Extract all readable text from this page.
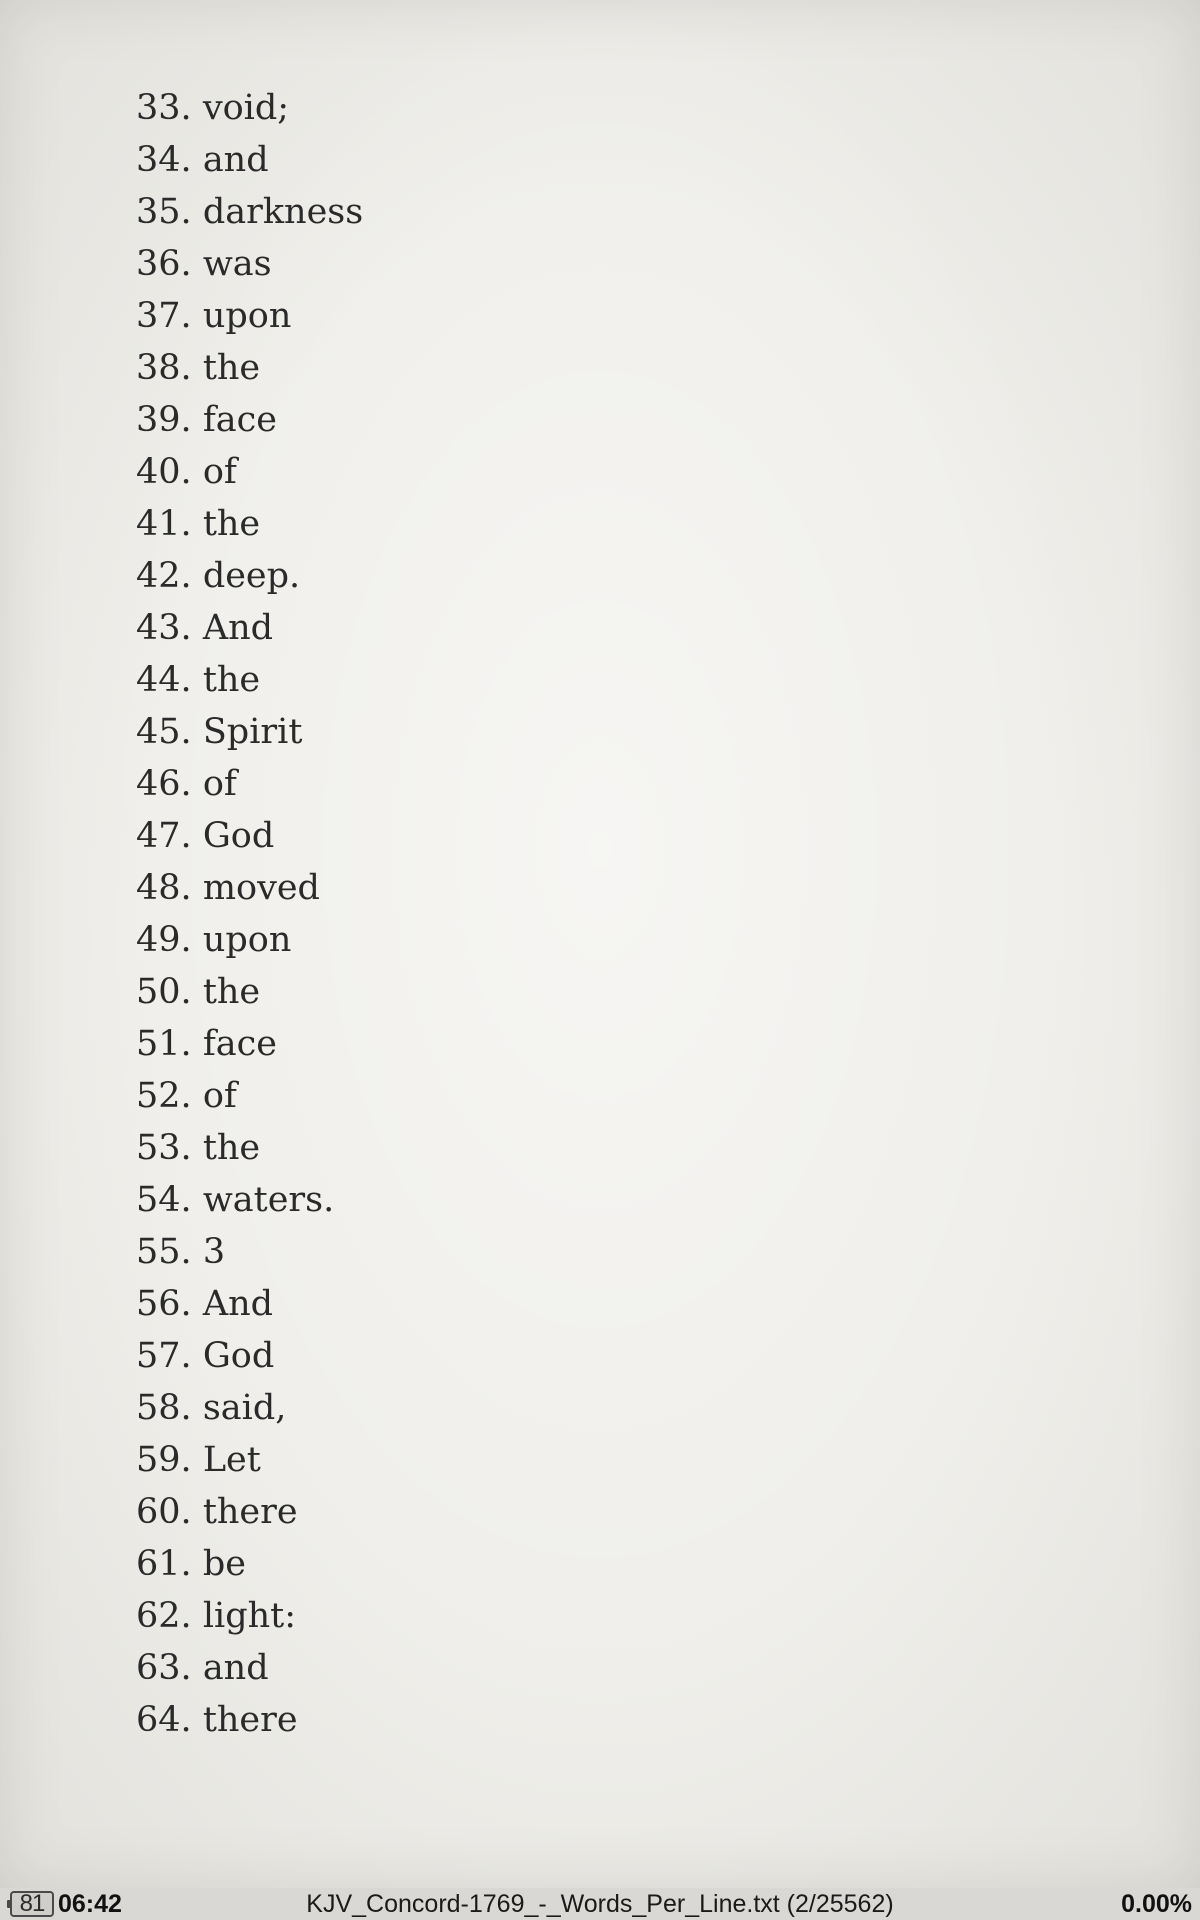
33. void;
34. and
35. darkness
36. was
37. upon
38. the
39. face
40. of
41. the
42. deep.
43. And
44. the
45. Spirit
46. of
47. God
48. moved
49. upon
50. the
51. face
52. of
53. the
54. waters.
55. 3
56. And
57. God
58. said,
59. Let
60. there
61. be
62. light:
63. and
64. there
81 06:42	KJV_Concord-1769_-_Words_Per_Line.txt (2/25562)	0.00%
